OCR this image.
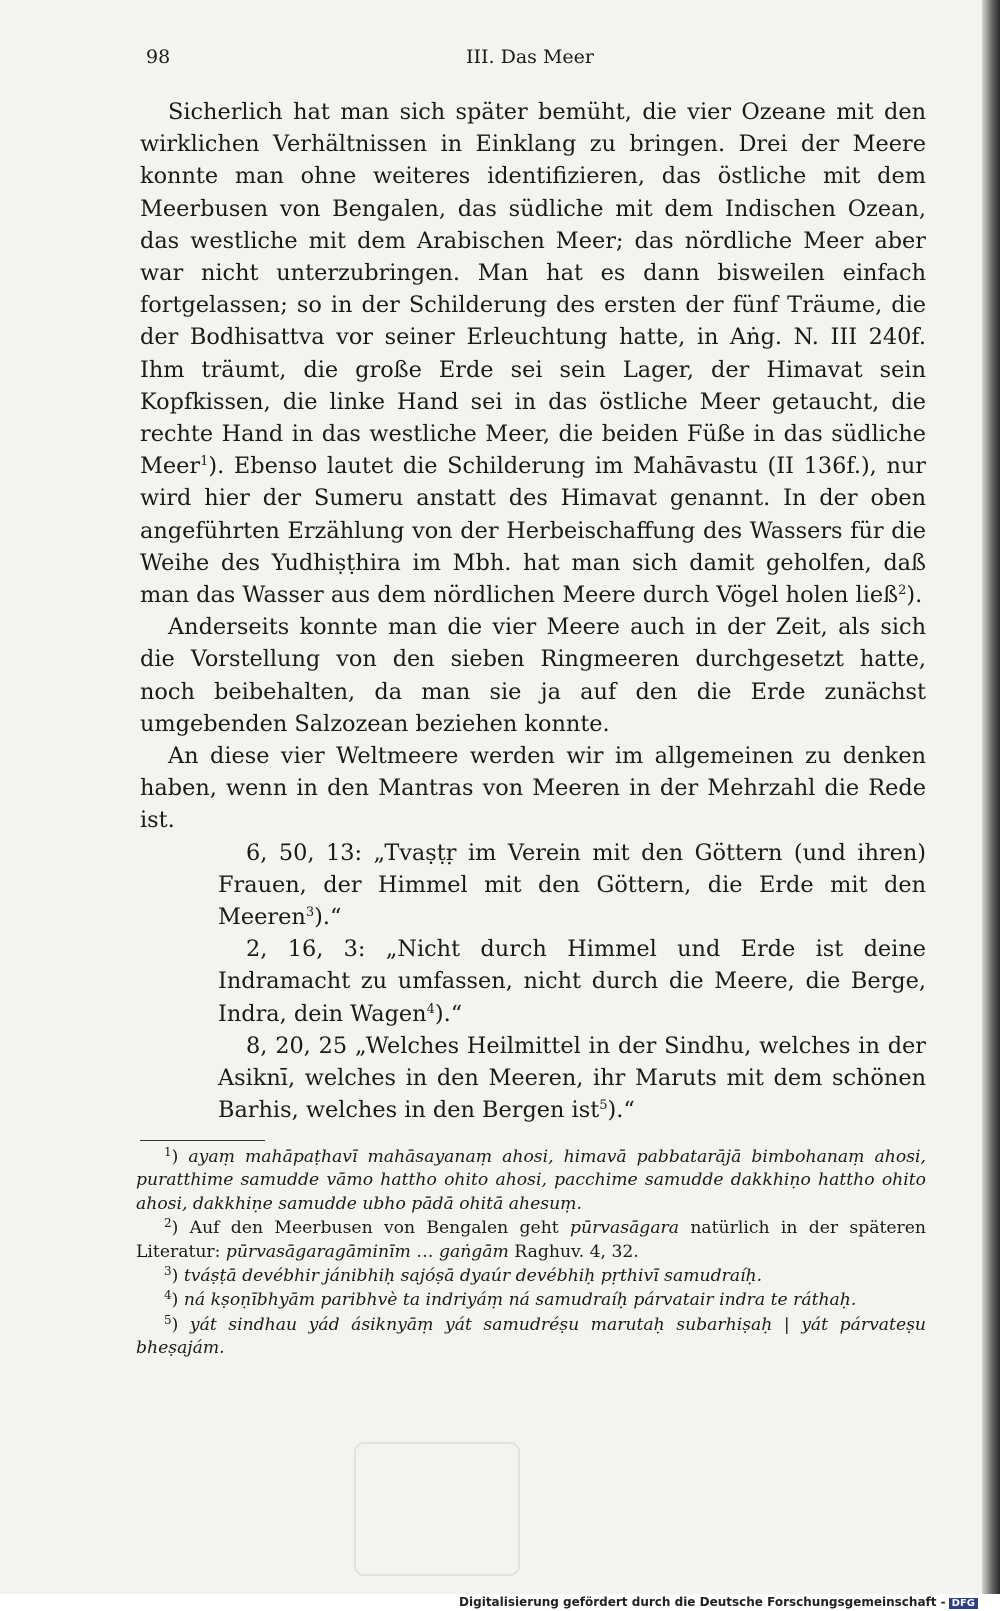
98	III. Das Meer

Sicherlich hat man sich später bemüht, die vier Ozeane mit den wirklichen Verhältnissen in Einklang zu bringen. Drei der Meere konnte man ohne weiteres identifizieren, das östliche mit dem Meerbusen von Bengalen, das südliche mit dem Indischen Ozean, das westliche mit dem Arabischen Meer; das nördliche Meer aber war nicht unterzubringen. Man hat es dann bisweilen einfach fortgelassen; so in der Schilderung des ersten der fünf Träume, die der Bodhisattva vor seiner Erleuchtung hatte, in Aṅg. N. III 240f. Ihm träumt, die große Erde sei sein Lager, der Himavat sein Kopfkissen, die linke Hand sei in das östliche Meer getaucht, die rechte Hand in das westliche Meer, die beiden Füße in das südliche Meer$^1$). Ebenso lautet die Schilderung im Mahāvastu (II 136f.), nur wird hier der Sumeru anstatt des Himavat genannt. In der oben angeführten Erzählung von der Herbeischaffung des Wassers für die Weihe des Yudhiṣṭhira im Mbh. hat man sich damit geholfen, daß man das Wasser aus dem nördlichen Meere durch Vögel holen ließ$^2$).

Anderseits konnte man die vier Meere auch in der Zeit, als sich die Vorstellung von den sieben Ringmeeren durchgesetzt hatte, noch beibehalten, da man sie ja auf den die Erde zunächst umgebenden Salzozean beziehen konnte.

An diese vier Weltmeere werden wir im allgemeinen zu denken haben, wenn in den Mantras von Meeren in der Mehrzahl die Rede ist.

6, 50, 13: „Tvaṣṭṛ im Verein mit den Göttern (und ihren) Frauen, der Himmel mit den Göttern, die Erde mit den Meeren$^3$).“

2, 16, 3: „Nicht durch Himmel und Erde ist deine Indramacht zu umfassen, nicht durch die Meere, die Berge, Indra, dein Wagen$^4$).“

8, 20, 25 „Welches Heilmittel in der Sindhu, welches in der Asiknī, welches in den Meeren, ihr Maruts mit dem schönen Barhis, welches in den Bergen ist$^5$).“

$^1$) ayaṃ mahāpaṭhavī mahāsayanaṃ ahosi, himavā pabbatarājā bimbohanaṃ ahosi, puratthime samudde vāmo hattho ohito ahosi, pacchime samudde dakkhiṇo hattho ohito ahosi, dakkhiṇe samudde ubho pādā ohitā ahesuṃ.

$^2$) Auf den Meerbusen von Bengalen geht pūrvasāgara natürlich in der späteren Literatur: pūrvasāgaragāminīm … gaṅgām Raghuv. 4, 32.

$^3$) tváṣṭā devébhir jánibhiḥ sajóṣā dyaúr devébhiḥ pṛthivī samudraíḥ.

$^4$) ná kṣoṇībhyām paribhvè ta indriyáṃ ná samudraíḥ párvatair indra te ráthaḥ.

$^5$) yát sindhau yád ásiknyāṃ yát samudréṣu marutaḥ subarhiṣaḥ | yát párvateṣu bheṣajám.

Digitalisierung gefördert durch die Deutsche Forschungsgemeinschaft - DFG
